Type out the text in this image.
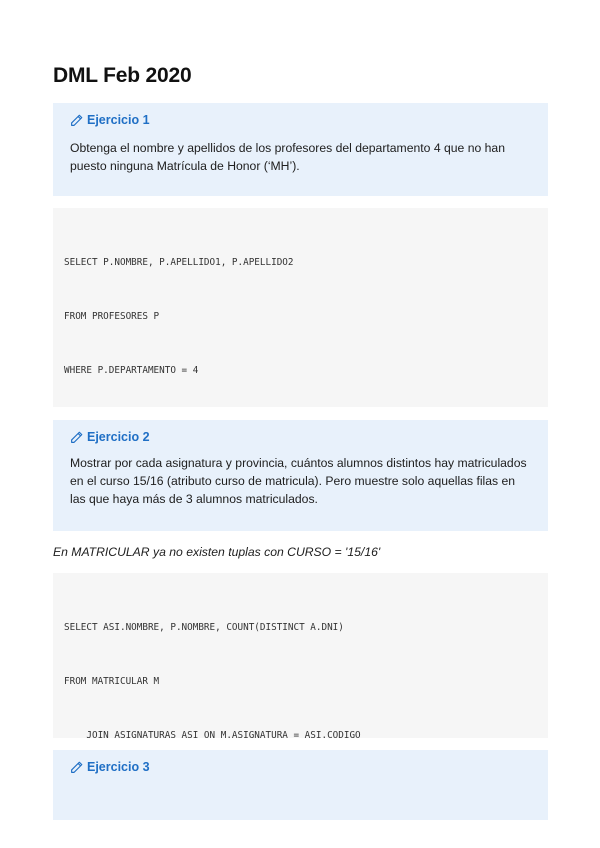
DML Feb 2020
Ejercicio 1
Obtenga el nombre y apellidos de los profesores del departamento 4 que no han puesto ninguna Matrícula de Honor (‘MH’).

SELECT P.NOMBRE, P.APELLIDO1, P.APELLIDO2

FROM PROFESORES P

WHERE P.DEPARTAMENTO = 4

Ejercicio 2
Mostrar por cada asignatura y provincia, cuántos alumnos distintos hay matriculados en el curso 15/16 (atributo curso de matricula). Pero muestre solo aquellas filas en las que haya más de 3 alumnos matriculados.
En MATRICULAR ya no existen tuplas con CURSO = '15/16'

SELECT ASI.NOMBRE, P.NOMBRE, COUNT(DISTINCT A.DNI)

FROM MATRICULAR M

JOIN ASIGNATURAS ASI ON M.ASIGNATURA = ASI.CODIGO

Ejercicio 3
